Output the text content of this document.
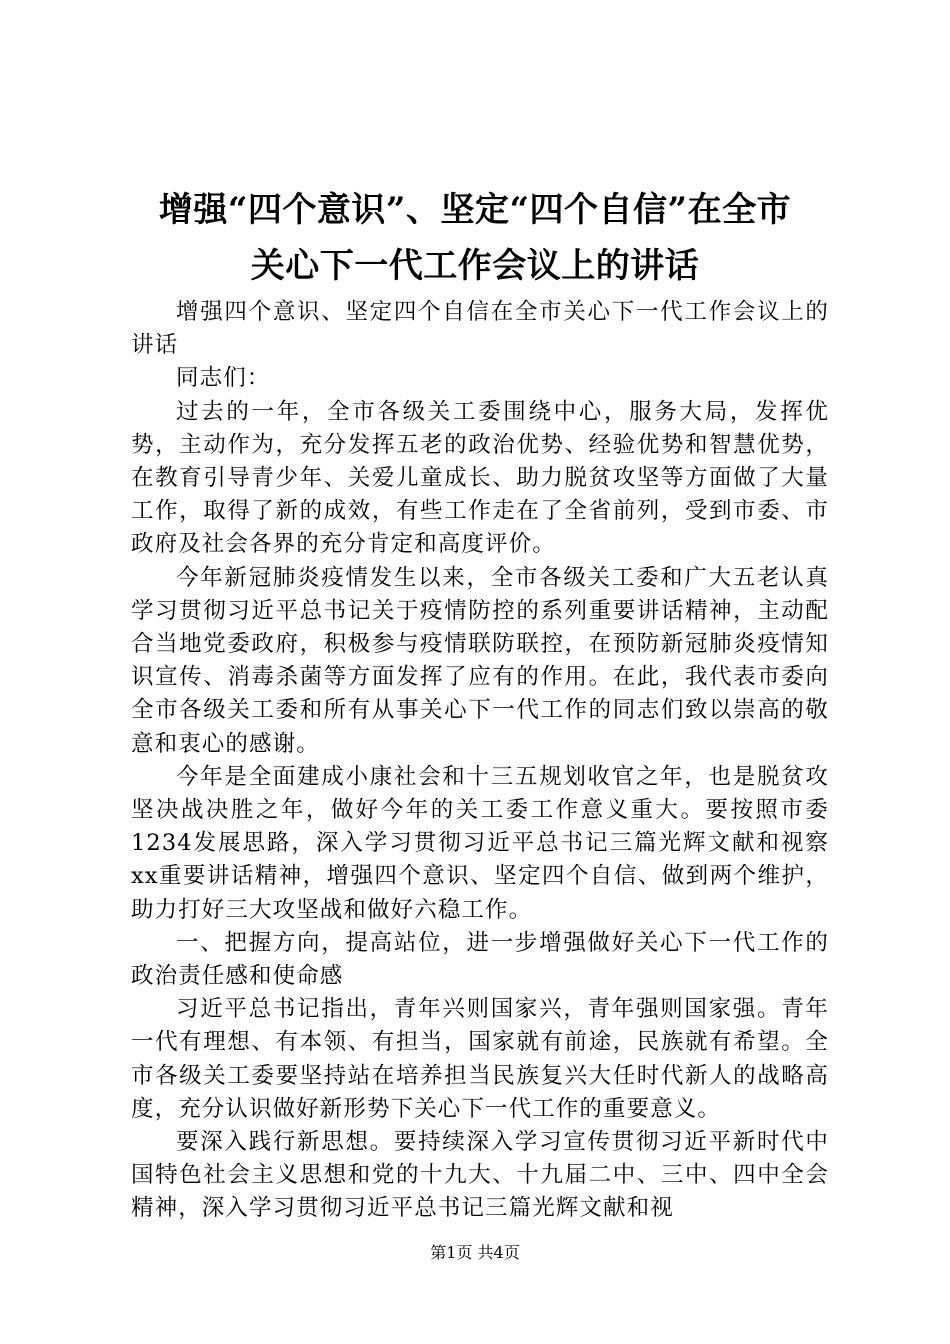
增强“四个意识”、坚定“四个自信”在全市
关心下一代工作会议上的讲话

增强四个意识、坚定四个自信在全市关心下一代工作会议上的讲话

同志们：

过去的一年，全市各级关工委围绕中心，服务大局，发挥优势，主动作为，充分发挥五老的政治优势、经验优势和智慧优势，在教育引导青少年、关爱儿童成长、助力脱贫攻坚等方面做了大量工作，取得了新的成效，有些工作走在了全省前列，受到市委、市政府及社会各界的充分肯定和高度评价。

今年新冠肺炎疫情发生以来，全市各级关工委和广大五老认真学习贯彻习近平总书记关于疫情防控的系列重要讲话精神，主动配合当地党委政府，积极参与疫情联防联控，在预防新冠肺炎疫情知识宣传、消毒杀菌等方面发挥了应有的作用。在此，我代表市委向全市各级关工委和所有从事关心下一代工作的同志们致以崇高的敬意和衷心的感谢。

今年是全面建成小康社会和十三五规划收官之年，也是脱贫攻坚决战决胜之年，做好今年的关工委工作意义重大。要按照市委1234发展思路，深入学习贯彻习近平总书记三篇光辉文献和视察xx重要讲话精神，增强四个意识、坚定四个自信、做到两个维护，助力打好三大攻坚战和做好六稳工作。

一、把握方向，提高站位，进一步增强做好关心下一代工作的政治责任感和使命感

习近平总书记指出，青年兴则国家兴，青年强则国家强。青年一代有理想、有本领、有担当，国家就有前途，民族就有希望。全市各级关工委要坚持站在培养担当民族复兴大任时代新人的战略高度，充分认识做好新形势下关心下一代工作的重要意义。

要深入践行新思想。要持续深入学习宣传贯彻习近平新时代中国特色社会主义思想和党的十九大、十九届二中、三中、四中全会精神，深入学习贯彻习近平总书记三篇光辉文献和视

第1页 共4页
